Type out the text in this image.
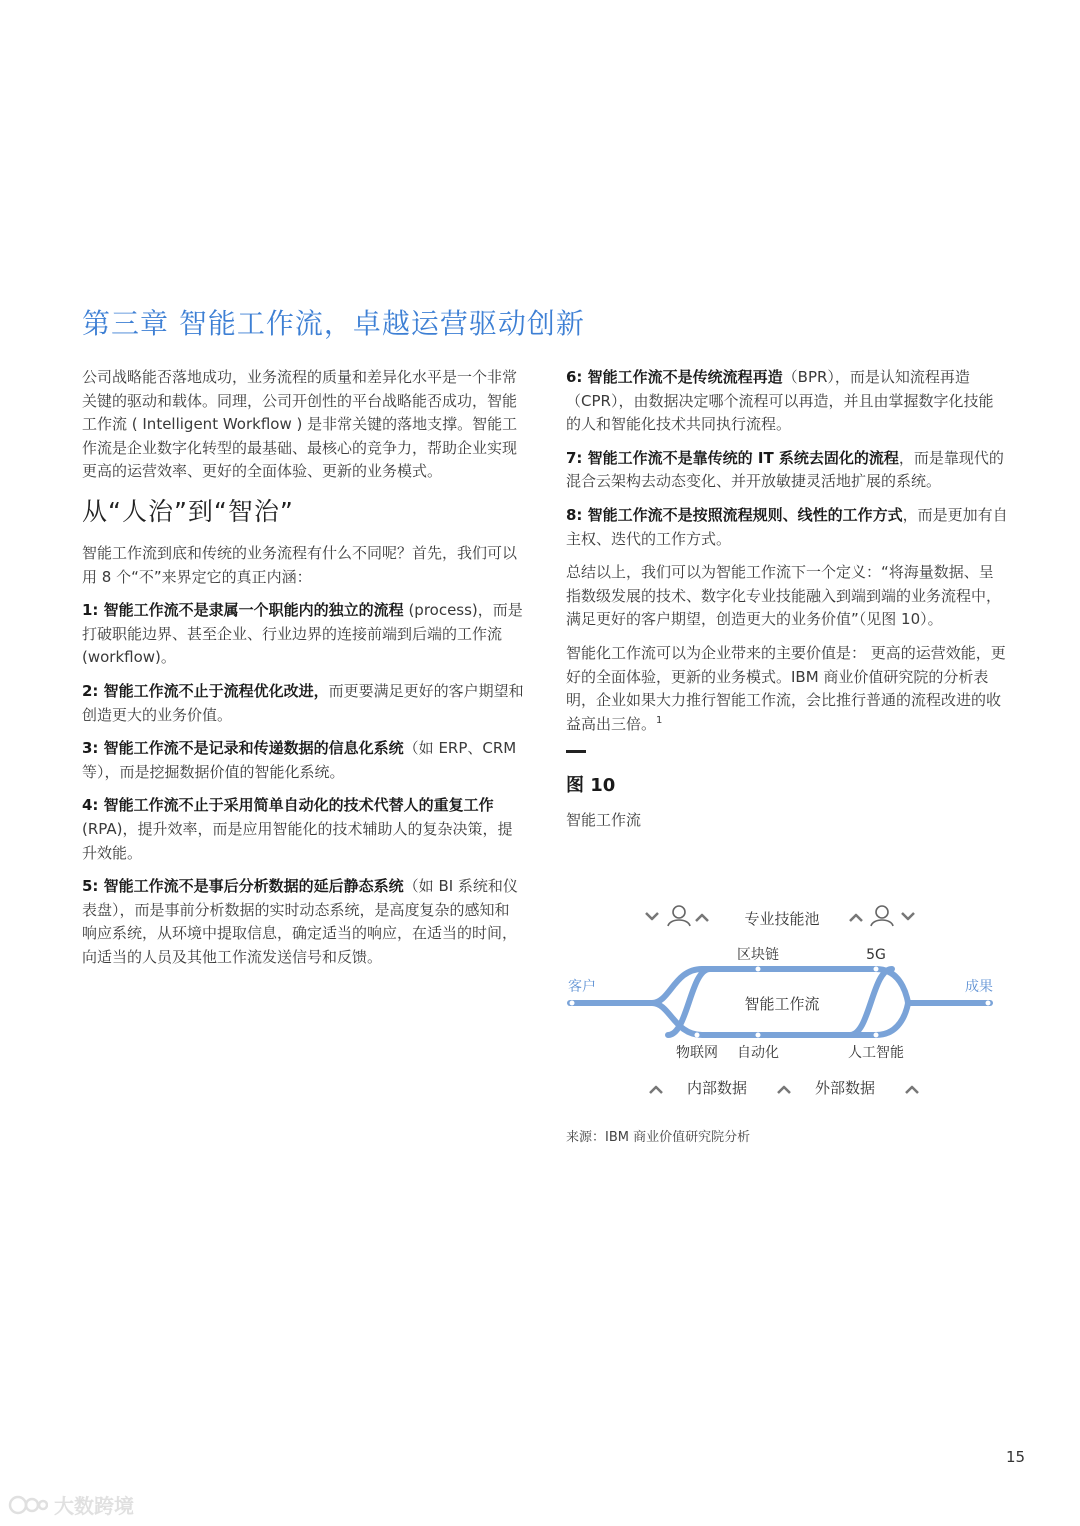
第三章 智能工作流，卓越运营驱动创新

公司战略能否落地成功，业务流程的质量和差异化水平是一个非常关键的驱动和载体。同理，公司开创性的平台战略能否成功，智能工作流 ( Intelligent Workflow ) 是非常关键的落地支撑。智能工作流是企业数字化转型的最基础、最核心的竞争力，帮助企业实现更高的运营效率、更好的全面体验、更新的业务模式。

从“人治”到“智治”

智能工作流到底和传统的业务流程有什么不同呢？首先，我们可以用 8 个“不”来界定它的真正内涵：

1: 智能工作流不是隶属一个职能内的独立的流程 (process)，而是打破职能边界、甚至企业、行业边界的连接前端到后端的工作流 (workflow)。

2: 智能工作流不止于流程优化改进，而更要满足更好的客户期望和创造更大的业务价值。

3: 智能工作流不是记录和传递数据的信息化系统（如 ERP、CRM 等），而是挖掘数据价值的智能化系统。

4: 智能工作流不止于采用简单自动化的技术代替人的重复工作 (RPA)，提升效率，而是应用智能化的技术辅助人的复杂决策，提升效能。

5: 智能工作流不是事后分析数据的延后静态系统（如 BI 系统和仪表盘），而是事前分析数据的实时动态系统，是高度复杂的感知和响应系统，从环境中提取信息，确定适当的响应，在适当的时间，向适当的人员及其他工作流发送信号和反馈。

6: 智能工作流不是传统流程再造（BPR），而是认知流程再造（CPR），由数据决定哪个流程可以再造，并且由掌握数字化技能的人和智能化技术共同执行流程。

7: 智能工作流不是靠传统的 IT 系统去固化的流程，而是靠现代的混合云架构去动态变化、并开放敏捷灵活地扩展的系统。

8: 智能工作流不是按照流程规则、线性的工作方式，而是更加有自主权、迭代的工作方式。

总结以上，我们可以为智能工作流下一个定义：“将海量数据、呈指数级发展的技术、数字化专业技能融入到端到端的业务流程中，满足更好的客户期望，创造更大的业务价值”（见图 10）。

智能化工作流可以为企业带来的主要价值是： 更高的运营效能，更好的全面体验，更新的业务模式。IBM 商业价值研究院的分析表明，企业如果大力推行智能工作流，会比推行普通的流程改进的收益高出三倍。$^1$

图 10

智能工作流

专业技能池
区块链	5G
客户	成果
智能工作流
物联网 自动化	人工智能
内部数据	外部数据

来源：IBM 商业价值研究院分析

15

大数跨境
